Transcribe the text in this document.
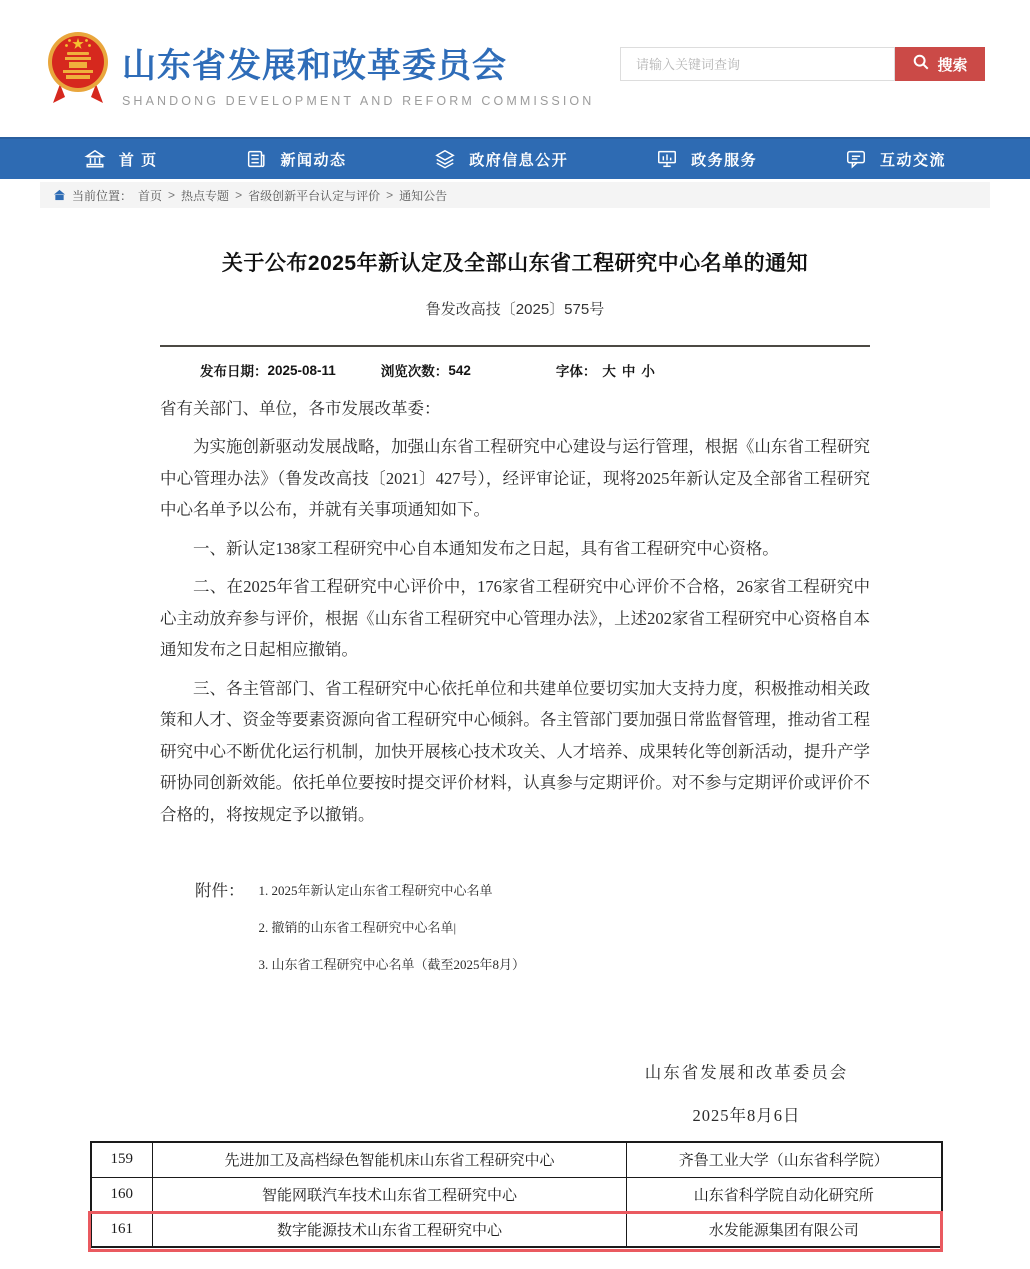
山东省发展和改革委员会
SHANDONG DEVELOPMENT AND REFORM COMMISSION
请输入关键词查询
搜索
首 页	新闻动态	政府信息公开	政务服务	互动交流
当前位置： 首页 > 热点专题 > 省级创新平台认定与评价 > 通知公告
关于公布2025年新认定及全部山东省工程研究中心名单的通知
鲁发改高技〔2025〕575号
发布日期： 2025-08-11	浏览次数： 542	字体： 大 中 小
省有关部门、单位，各市发展改革委：

为实施创新驱动发展战略，加强山东省工程研究中心建设与运行管理，根据《山东省工程研究中心管理办法》（鲁发改高技〔2021〕427号），经评审论证，现将2025年新认定及全部省工程研究中心名单予以公布，并就有关事项通知如下。

一、新认定138家工程研究中心自本通知发布之日起，具有省工程研究中心资格。

二、在2025年省工程研究中心评价中，176家省工程研究中心评价不合格，26家省工程研究中心主动放弃参与评价，根据《山东省工程研究中心管理办法》，上述202家省工程研究中心资格自本通知发布之日起相应撤销。

三、各主管部门、省工程研究中心依托单位和共建单位要切实加大支持力度，积极推动相关政策和人才、资金等要素资源向省工程研究中心倾斜。各主管部门要加强日常监督管理，推动省工程研究中心不断优化运行机制，加快开展核心技术攻关、人才培养、成果转化等创新活动，提升产学研协同创新效能。依托单位要按时提交评价材料，认真参与定期评价。对不参与定期评价或评价不合格的，将按规定予以撤销。

附件： 1. 2025年新认定山东省工程研究中心名单
2. 撤销的山东省工程研究中心名单|
3. 山东省工程研究中心名单（截至2025年8月）
山东省发展和改革委员会
2025年8月6日
159	先进加工及高档绿色智能机床山东省工程研究中心	齐鲁工业大学（山东省科学院）
160	智能网联汽车技术山东省工程研究中心	山东省科学院自动化研究所
161	数字能源技术山东省工程研究中心	水发能源集团有限公司
